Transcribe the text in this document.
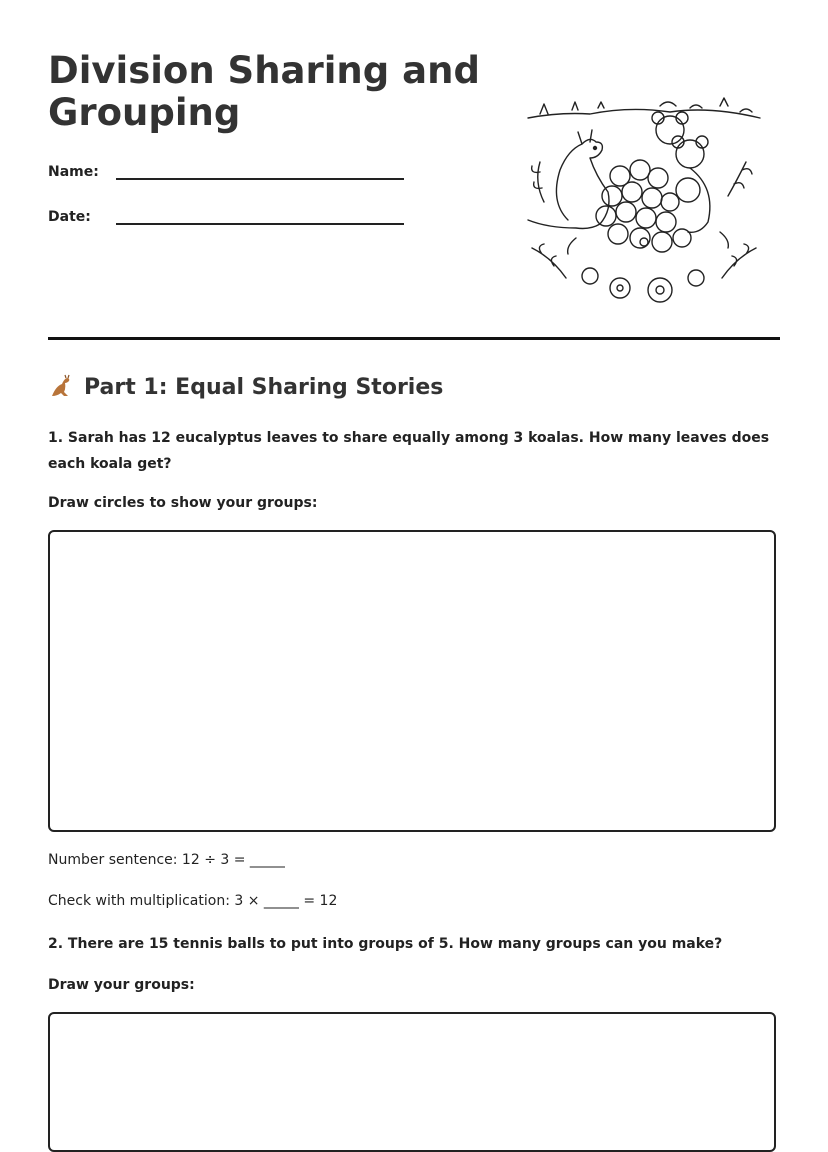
Division Sharing and Grouping
Name:
Date:
Part 1: Equal Sharing Stories
1. Sarah has 12 eucalyptus leaves to share equally among 3 koalas. How many leaves does each koala get?
Draw circles to show your groups:
Number sentence: 12 ÷ 3 = _____
Check with multiplication: 3 × _____ = 12
2. There are 15 tennis balls to put into groups of 5. How many groups can you make?
Draw your groups:
